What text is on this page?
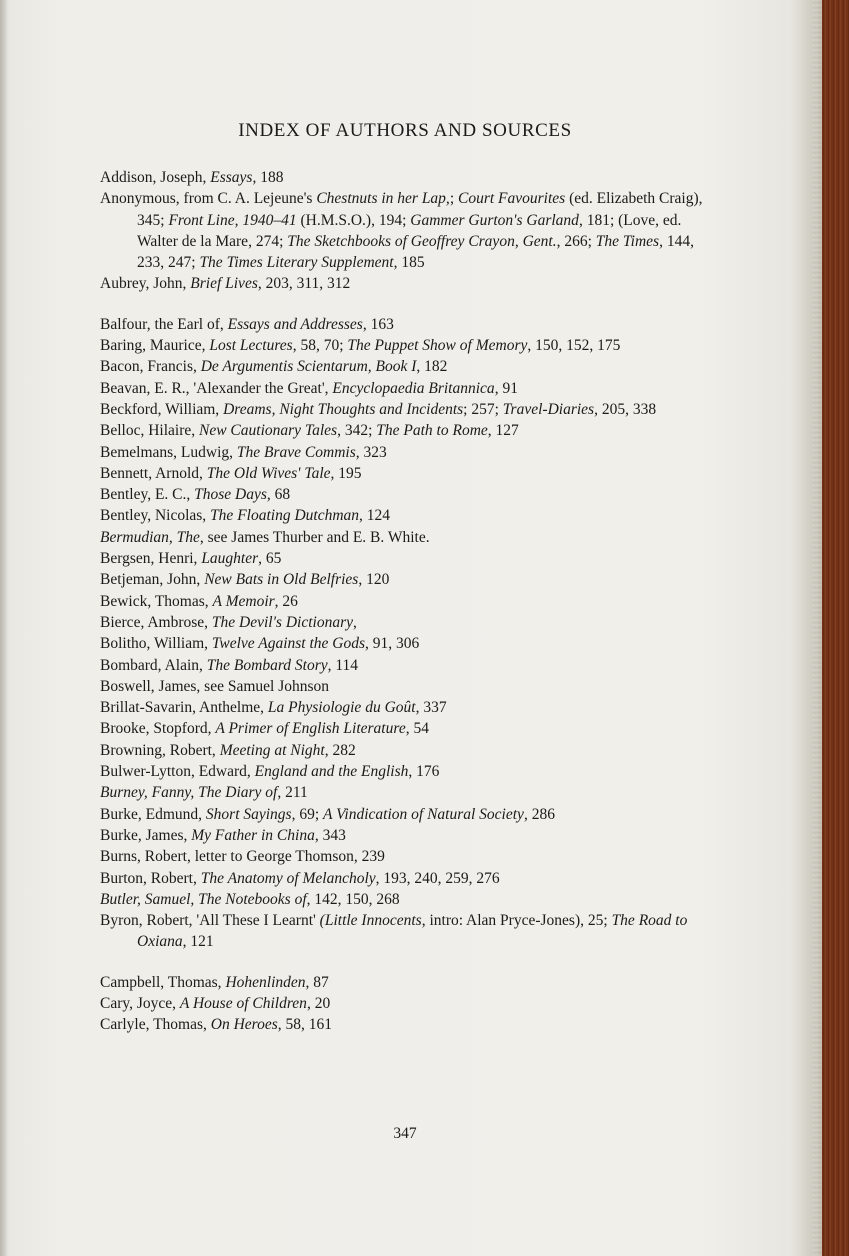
INDEX OF AUTHORS AND SOURCES
Addison, Joseph, Essays, 188
Anonymous, from C. A. Lejeune's Chestnuts in her Lap,; Court Favourites (ed. Elizabeth Craig), 345; Front Line, 1940–41 (H.M.S.O.), 194; Gammer Gurton's Garland, 181; (Love, ed. Walter de la Mare, 274; The Sketchbooks of Geoffrey Crayon, Gent., 266; The Times, 144, 233, 247; The Times Literary Supplement, 185
Aubrey, John, Brief Lives, 203, 311, 312
Balfour, the Earl of, Essays and Addresses, 163
Baring, Maurice, Lost Lectures, 58, 70; The Puppet Show of Memory, 150, 152, 175
Bacon, Francis, De Argumentis Scientarum, Book I, 182
Beavan, E. R., 'Alexander the Great', Encyclopaedia Britannica, 91
Beckford, William, Dreams, Night Thoughts and Incidents; 257; Travel-Diaries, 205, 338
Belloc, Hilaire, New Cautionary Tales, 342; The Path to Rome, 127
Bemelmans, Ludwig, The Brave Commis, 323
Bennett, Arnold, The Old Wives' Tale, 195
Bentley, E. C., Those Days, 68
Bentley, Nicolas, The Floating Dutchman, 124
Bermudian, The, see James Thurber and E. B. White.
Bergsen, Henri, Laughter, 65
Betjeman, John, New Bats in Old Belfries, 120
Bewick, Thomas, A Memoir, 26
Bierce, Ambrose, The Devil's Dictionary,
Bolitho, William, Twelve Against the Gods, 91, 306
Bombard, Alain, The Bombard Story, 114
Boswell, James, see Samuel Johnson
Brillat-Savarin, Anthelme, La Physiologie du Goût, 337
Brooke, Stopford, A Primer of English Literature, 54
Browning, Robert, Meeting at Night, 282
Bulwer-Lytton, Edward, England and the English, 176
Burney, Fanny, The Diary of, 211
Burke, Edmund, Short Sayings, 69; A Vindication of Natural Society, 286
Burke, James, My Father in China, 343
Burns, Robert, letter to George Thomson, 239
Burton, Robert, The Anatomy of Melancholy, 193, 240, 259, 276
Butler, Samuel, The Notebooks of, 142, 150, 268
Byron, Robert, 'All These I Learnt' (Little Innocents, intro: Alan Pryce-Jones), 25; The Road to Oxiana, 121
Campbell, Thomas, Hohenlinden, 87
Cary, Joyce, A House of Children, 20
Carlyle, Thomas, On Heroes, 58, 161
347
